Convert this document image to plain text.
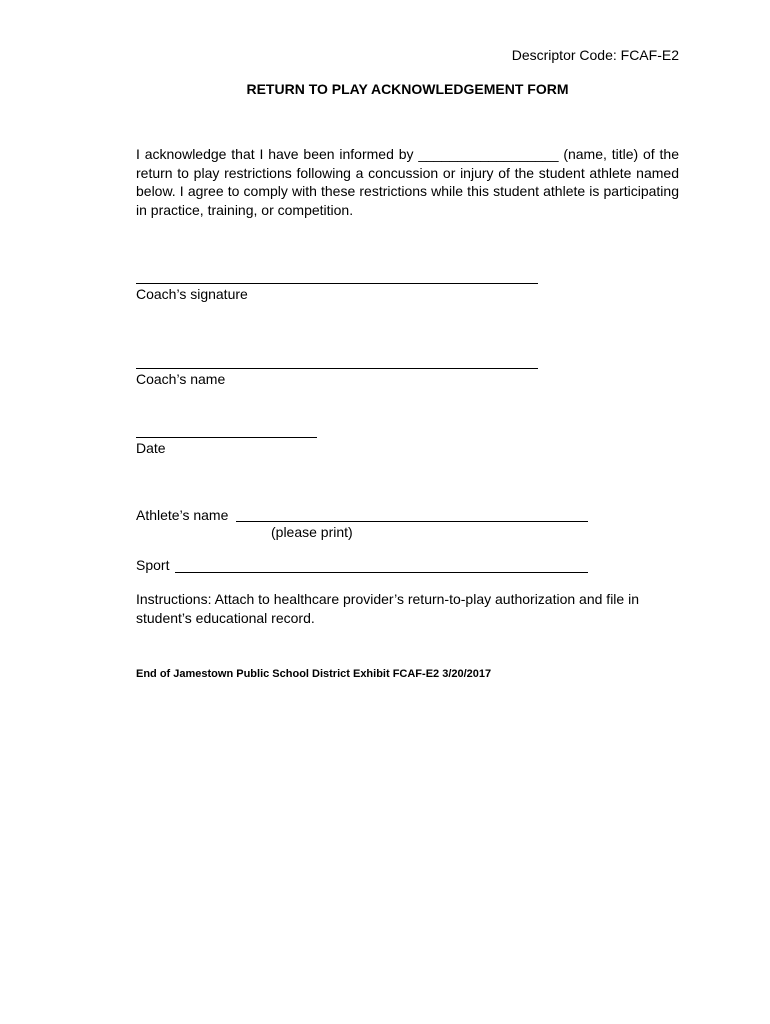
Descriptor Code: FCAF-E2
RETURN TO PLAY ACKNOWLEDGEMENT FORM
I acknowledge that I have been informed by __________________ (name, title) of the return to play restrictions following a concussion or injury of the student athlete named below. I agree to comply with these restrictions while this student athlete is participating in practice, training, or competition.
Coach’s signature
Coach’s name
Date
Athlete’s name
(please print)
Sport
Instructions: Attach to healthcare provider’s return-to-play authorization and file in student’s educational record.
End of Jamestown Public School District Exhibit FCAF-E2 3/20/2017
